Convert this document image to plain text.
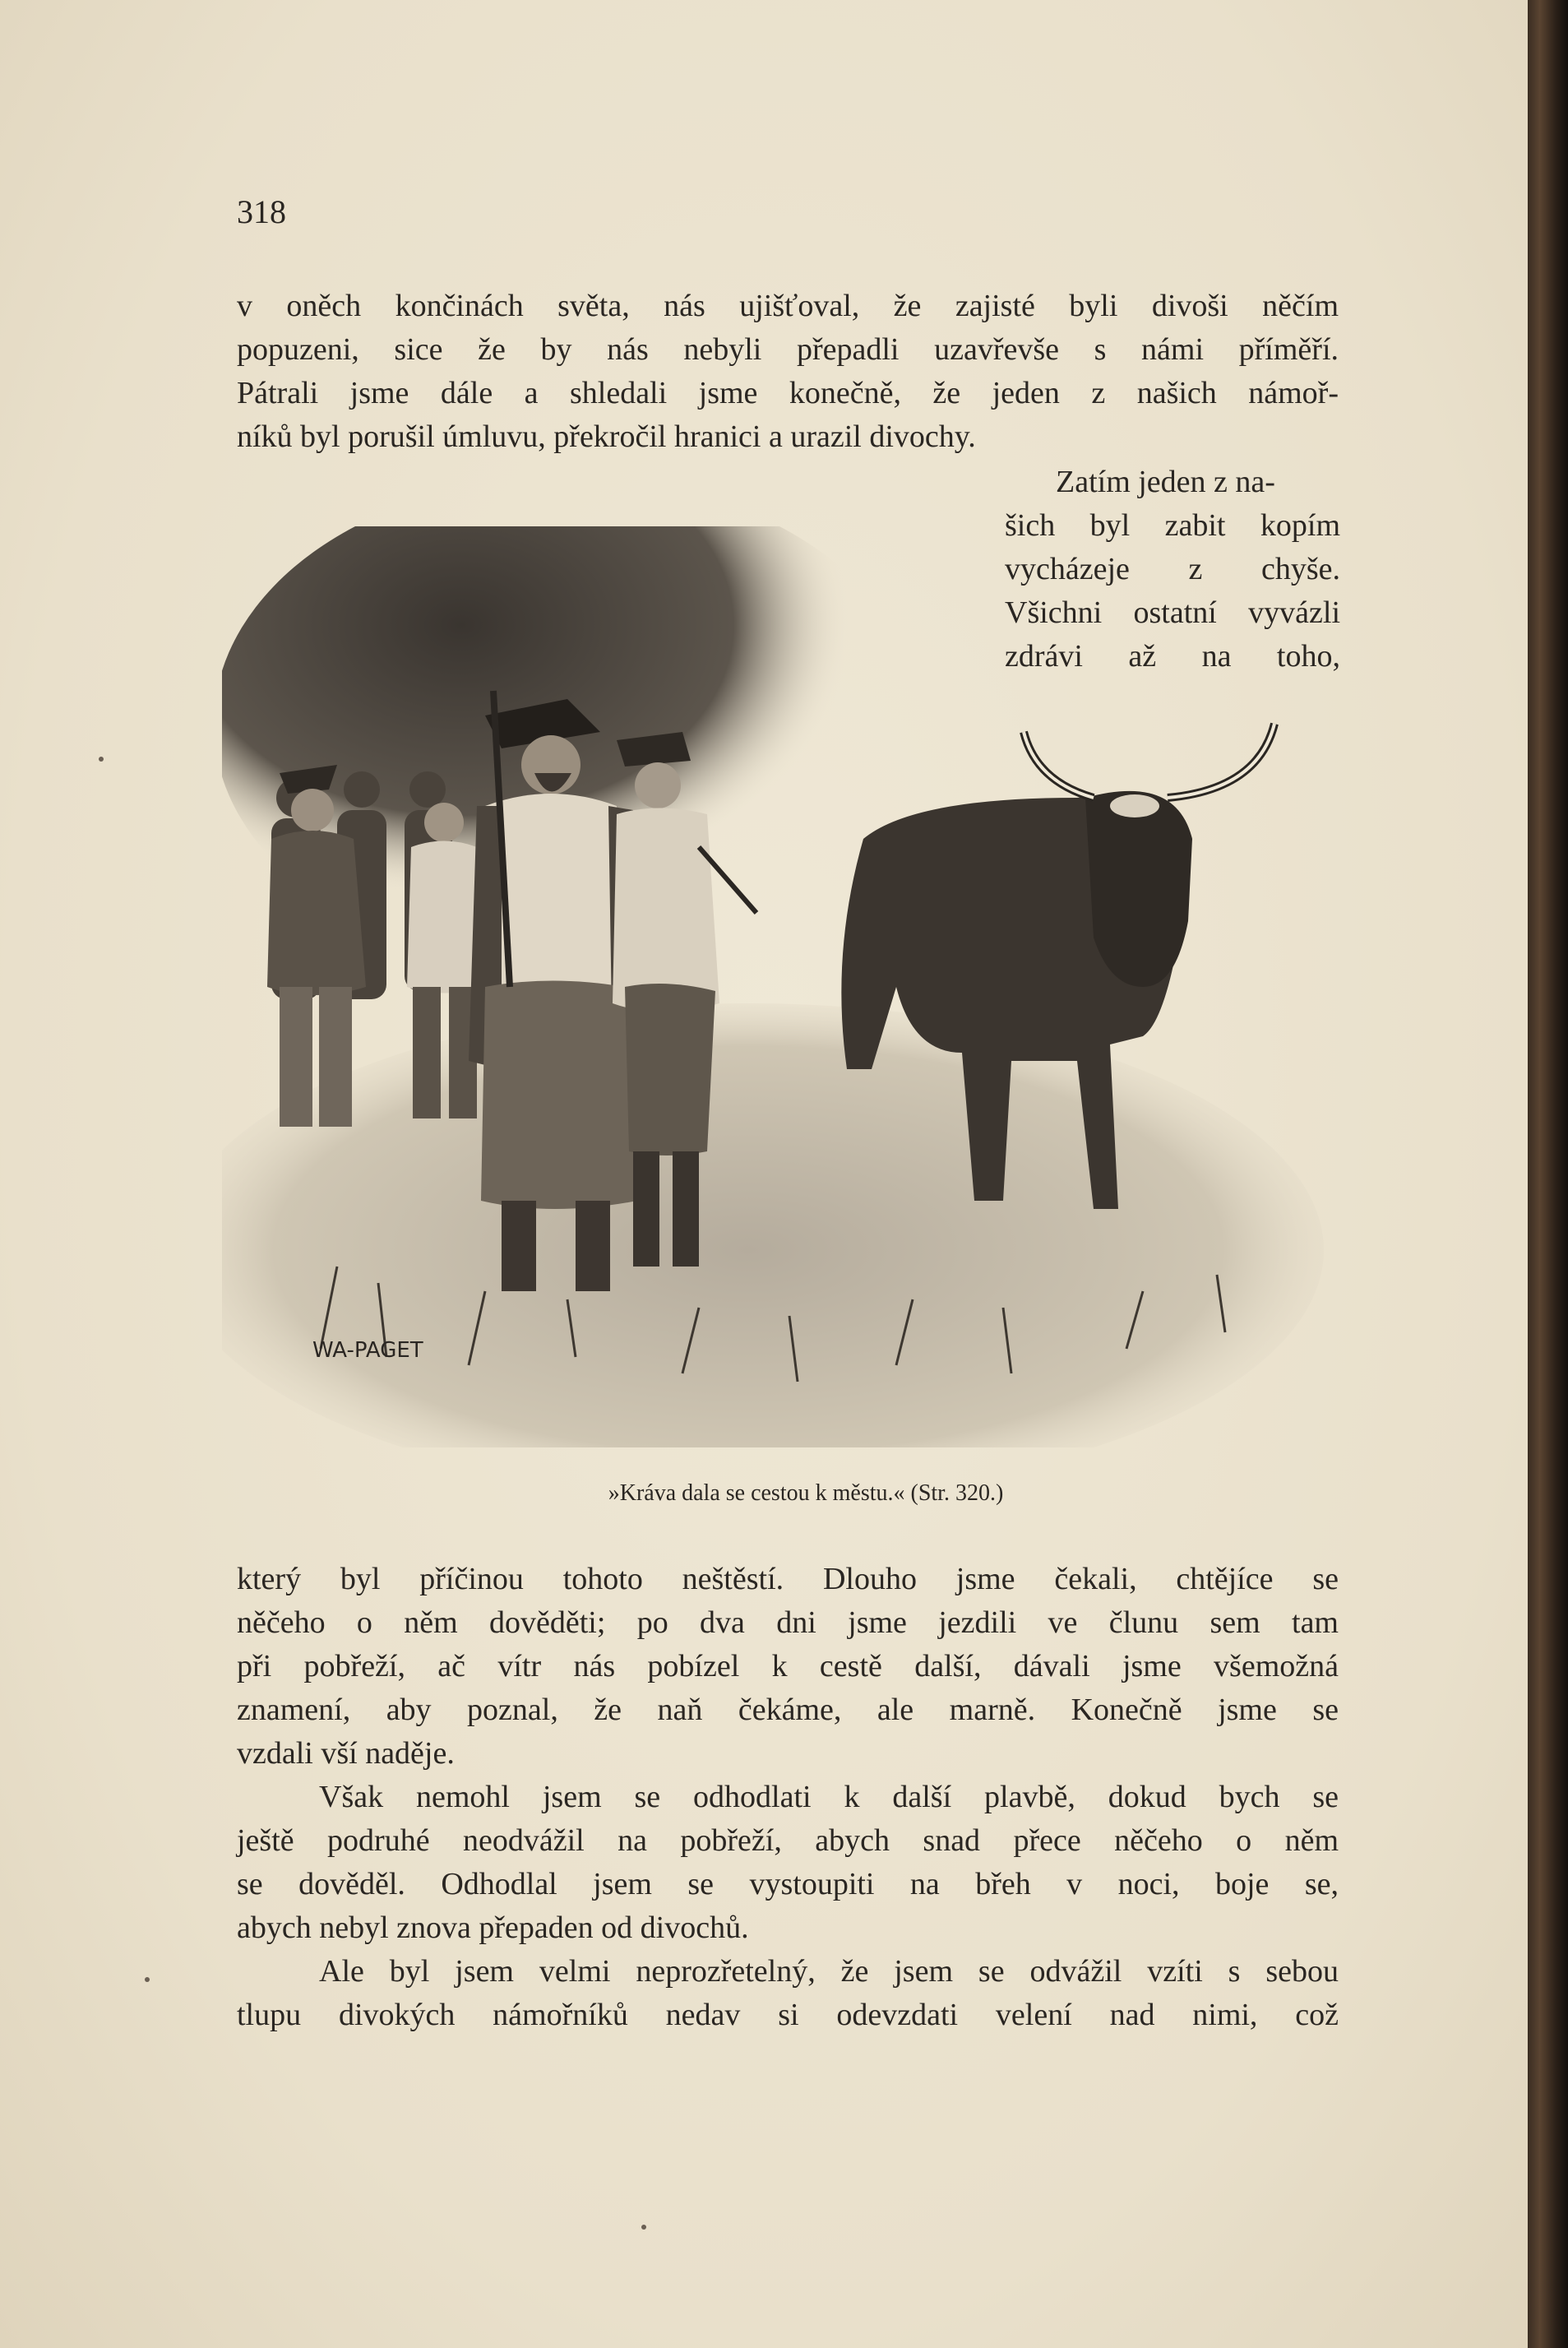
318
v oněch končinách světa, nás ujišťoval, že zajisté byli divoši něčím
popuzeni, sice že by nás nebyli přepadli uzavřevše s námi příměří.
Pátrali jsme dále a shledali jsme konečně, že jeden z našich námoř-
níků byl porušil úmluvu, překročil hranici a urazil divochy.
Zatím jeden z na-
šich byl zabit kopím
vycházeje z chyše.
Všichni ostatní vyvázli
zdrávi až na toho,
WA-PAGET
»Kráva dala se cestou k městu.« (Str. 320.)
který byl příčinou tohoto neštěstí. Dlouho jsme čekali, chtějíce se
něčeho o něm dověděti; po dva dni jsme jezdili ve člunu sem tam
při pobřeží, ač vítr nás pobízel k cestě další, dávali jsme všemožná
znamení, aby poznal, že naň čekáme, ale marně. Konečně jsme se
vzdali vší naděje.
Však nemohl jsem se odhodlati k další plavbě, dokud bych se
ještě podruhé neodvážil na pobřeží, abych snad přece něčeho o něm
se dověděl. Odhodlal jsem se vystoupiti na břeh v noci, boje se,
abych nebyl znova přepaden od divochů.
Ale byl jsem velmi neprozřetelný, že jsem se odvážil vzíti s sebou
tlupu divokých námořníků nedav si odevzdati velení nad nimi, což
